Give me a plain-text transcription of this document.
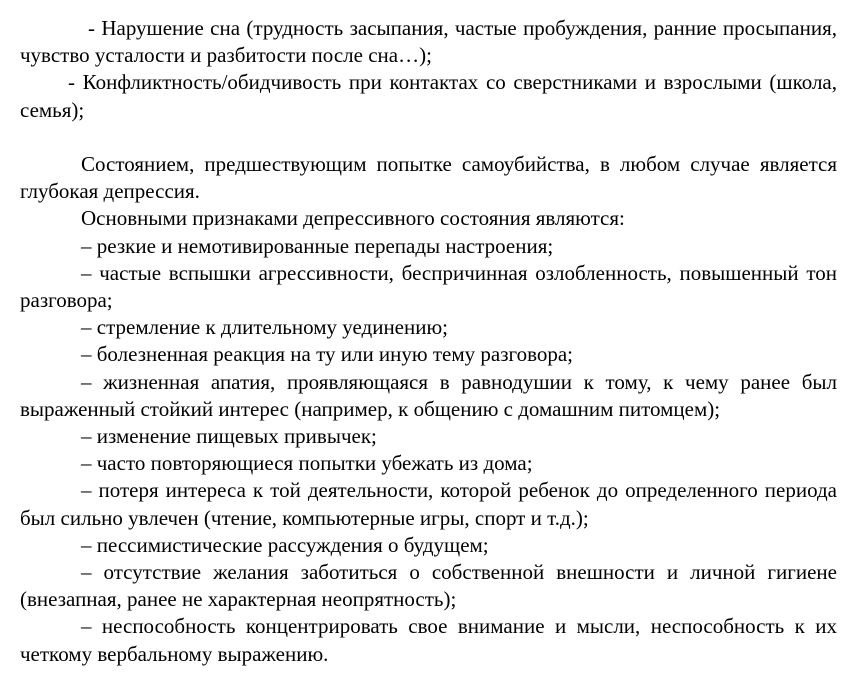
- Нарушение сна (трудность засыпания, частые пробуждения, ранние просыпания, чувство усталости и разбитости после сна…);

- Конфликтность/обидчивость при контактах со сверстниками и взрослыми (школа, семья);

Состоянием, предшествующим попытке самоубийства, в любом случае является глубокая депрессия.

Основными признаками депрессивного состояния являются:

– резкие и немотивированные перепады настроения;

– частые вспышки агрессивности, беспричинная озлобленность, повышенный тон разговора;

– стремление к длительному уединению;

– болезненная реакция на ту или иную тему разговора;

– жизненная апатия, проявляющаяся в равнодушии к тому, к чему ранее был выраженный стойкий интерес (например, к общению с домашним питомцем);

– изменение пищевых привычек;

– часто повторяющиеся попытки убежать из дома;

– потеря интереса к той деятельности, которой ребенок до определенного периода был сильно увлечен (чтение, компьютерные игры, спорт и т.д.);

– пессимистические рассуждения о будущем;

– отсутствие желания заботиться о собственной внешности и личной гигиене (внезапная, ранее не характерная неопрятность);

– неспособность концентрировать свое внимание и мысли, неспособность к их четкому вербальному выражению.
